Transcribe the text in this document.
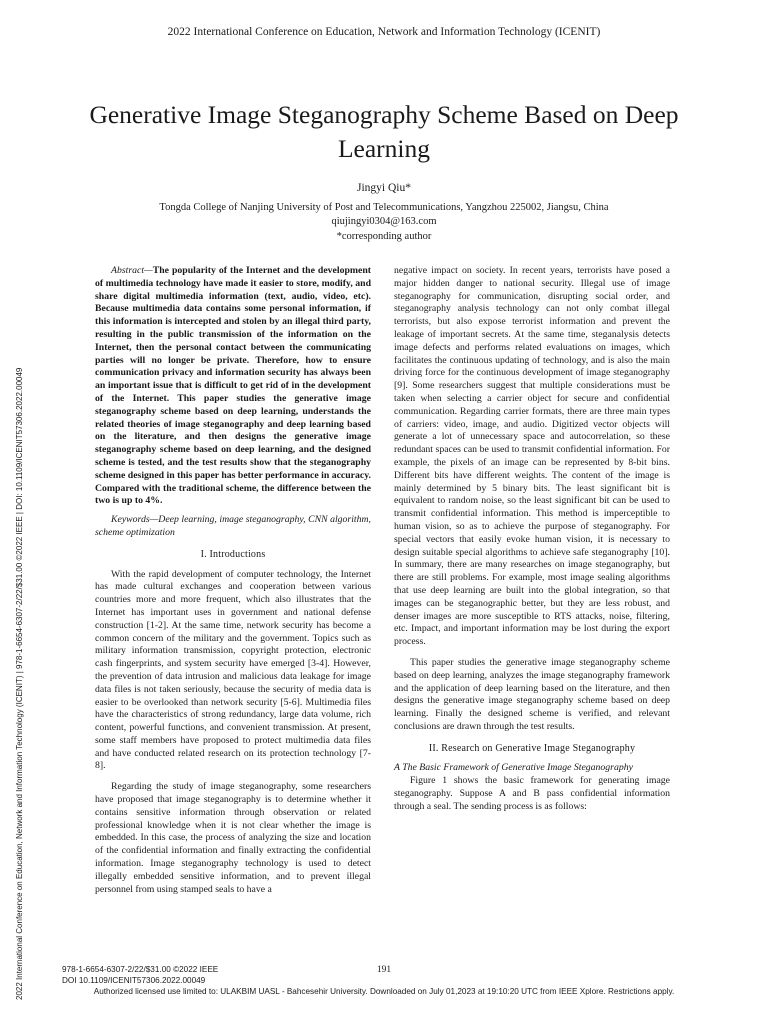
2022 International Conference on Education, Network and Information Technology (ICENIT)
Generative Image Steganography Scheme Based on Deep Learning
Jingyi Qiu*
Tongda College of Nanjing University of Post and Telecommunications, Yangzhou 225002, Jiangsu, China
qiujingyi0304@163.com
*corresponding author
2022 International Conference on Education, Network and Information Technology (ICENIT) | 978-1-6654-6307-2/22/$31.00 ©2022 IEEE | DOI: 10.1109/ICENIT57306.2022.00049

Abstract—The popularity of the Internet and the development of multimedia technology have made it easier to store, modify, and share digital multimedia information (text, audio, video, etc). Because multimedia data contains some personal information, if this information is intercepted and stolen by an illegal third party, resulting in the public transmission of the information on the Internet, then the personal contact between the communicating parties will no longer be private. Therefore, how to ensure communication privacy and information security has always been an important issue that is difficult to get rid of in the development of the Internet. This paper studies the generative image steganography scheme based on deep learning, understands the related theories of image steganography and deep learning based on the literature, and then designs the generative image steganography scheme based on deep learning, and the designed scheme is tested, and the test results show that the steganography scheme designed in this paper has better performance in accuracy. Compared with the traditional scheme, the difference between the two is up to 4%.

Keywords—Deep learning, image steganography, CNN algorithm, scheme optimization

I. Introductions

With the rapid development of computer technology, the Internet has made cultural exchanges and cooperation between various countries more and more frequent, which also illustrates that the Internet has important uses in government and national defense construction [1-2]. At the same time, network security has become a common concern of the military and the government. Topics such as military information transmission, copyright protection, electronic cash fingerprints, and system security have emerged [3-4]. However, the prevention of data intrusion and malicious data leakage for image data files is not taken seriously, because the security of media data is easier to be overlooked than network security [5-6]. Multimedia files have the characteristics of strong redundancy, large data volume, rich content, powerful functions, and convenient transmission. At present, some staff members have proposed to protect multimedia data files and have conducted related research on its protection technology [7-8].

Regarding the study of image steganography, some researchers have proposed that image steganography is to determine whether it contains sensitive information through observation or related professional knowledge when it is not clear whether the image is embedded. In this case, the process of analyzing the size and location of the confidential information and finally extracting the confidential information. Image steganography technology is used to detect illegally embedded sensitive information, and to prevent illegal personnel from using stamped seals to have a

negative impact on society. In recent years, terrorists have posed a major hidden danger to national security. Illegal use of image steganography for communication, disrupting social order, and steganography analysis technology can not only combat illegal terrorists, but also expose terrorist information and prevent the leakage of important secrets. At the same time, steganalysis detects image defects and performs related evaluations on images, which facilitates the continuous updating of technology, and is also the main driving force for the continuous development of image steganography [9]. Some researchers suggest that multiple considerations must be taken when selecting a carrier object for secure and confidential communication. Regarding carrier formats, there are three main types of carriers: video, image, and audio. Digitized vector objects will generate a lot of unnecessary space and autocorrelation, so these redundant spaces can be used to transmit confidential information. For example, the pixels of an image can be represented by 8-bit bins. Different bits have different weights. The content of the image is mainly determined by 5 binary bits. The least significant bit is equivalent to random noise, so the least significant bit can be used to transmit confidential information. This method is imperceptible to human vision, so as to achieve the purpose of steganography. For special vectors that easily evoke human vision, it is necessary to design suitable special algorithms to achieve safe steganography [10]. In summary, there are many researches on image steganography, but there are still problems. For example, most image sealing algorithms that use deep learning are built into the global integration, so that images can be steganographic better, but they are less robust, and denser images are more susceptible to RTS attacks, noise, filtering, etc. Impact, and important information may be lost during the export process.

This paper studies the generative image steganography scheme based on deep learning, analyzes the image steganography framework and the application of deep learning based on the literature, and then designs the generative image steganography scheme based on deep learning. Finally the designed scheme is verified, and relevant conclusions are drawn through the test results.

II. Research on Generative Image Steganography

A The Basic Framework of Generative Image Steganography

Figure 1 shows the basic framework for generating image steganography. Suppose A and B pass confidential information through a seal. The sending process is as follows:

978-1-6654-6307-2/22/$31.00 ©2022 IEEE
DOI 10.1109/ICENIT57306.2022.00049
191
Authorized licensed use limited to: ULAKBIM UASL - Bahcesehir University. Downloaded on July 01,2023 at 19:10:20 UTC from IEEE Xplore. Restrictions apply.
